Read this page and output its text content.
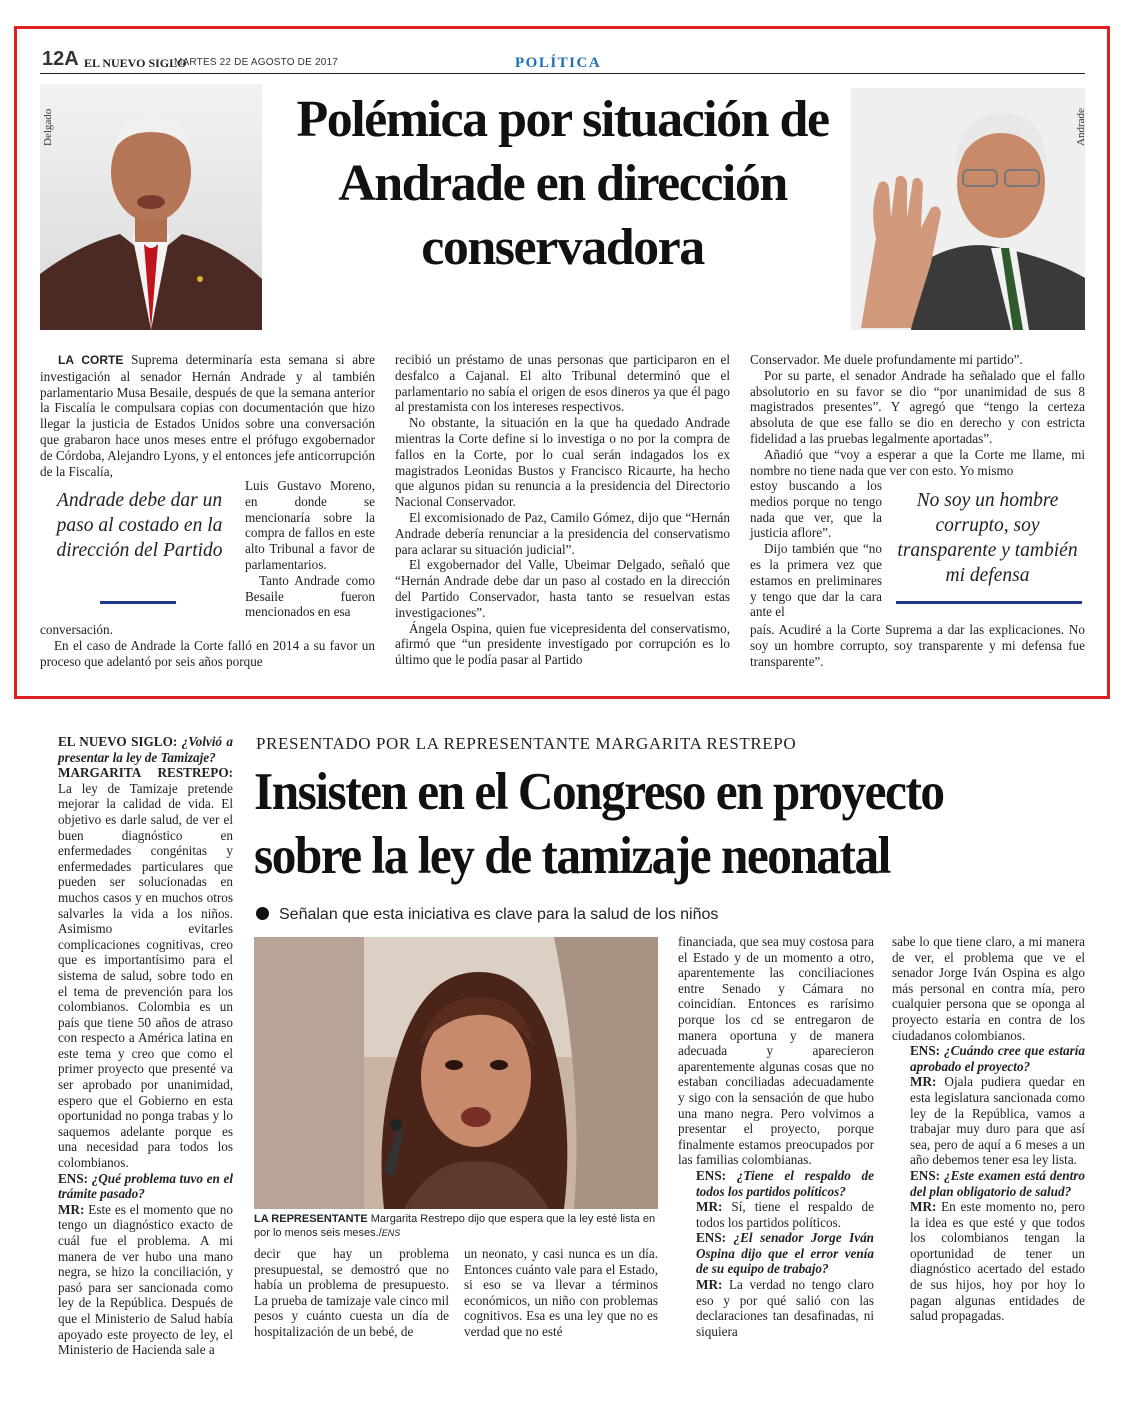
12A EL NUEVO SIGLO
MARTES 22 DE AGOSTO DE 2017	POLÍTICA
Delgado	Andrade
Polémica por situación de Andrade en dirección conservadora

LA CORTE Suprema determinaría esta semana si abre investigación al senador Hernán Andrade y al también parlamentario Musa Besaile, después de que la semana anterior la Fiscalía le compulsara copias con documentación que hizo llegar la justicia de Estados Unidos sobre una conversación que grabaron hace unos meses entre el prófugo exgobernador de Córdoba, Alejandro Lyons, y el entonces jefe anticorrupción de la Fiscalía,

Luis Gustavo Moreno, en donde se mencionaría sobre la compra de fallos en este alto Tribunal a favor de parlamentarios.

Tanto Andrade como Besaile fueron mencionados en esa

conversación.

En el caso de Andrade la Corte falló en 2014 a su favor un proceso que adelantó por seis años porque

Andrade debe dar un paso al costado en la dirección del Partido

recibió un préstamo de unas personas que participaron en el desfalco a Cajanal. El alto Tribunal determinó que el parlamentario no sabía el origen de esos dineros ya que él pago al prestamista con los intereses respectivos.

No obstante, la situación en la que ha quedado Andrade mientras la Corte define si lo investiga o no por la compra de fallos en la Corte, por lo cual serán indagados los ex magistrados Leonidas Bustos y Francisco Ricaurte, ha hecho que algunos pidan su renuncia a la presidencia del Directorio Nacional Conservador.

El excomisionado de Paz, Camilo Gómez, dijo que “Hernán Andrade debería renunciar a la presidencia del conservatismo para aclarar su situación judicial”.

El exgobernador del Valle, Ubeimar Delgado, señaló que “Hernán Andrade debe dar un paso al costado en la dirección del Partido Conservador, hasta tanto se resuelvan estas investigaciones”.

Ángela Ospina, quien fue vicepresidenta del conservatismo, afirmó que “un presidente investigado por corrupción es lo último que le podía pasar al Partido

Conservador. Me duele profundamente mi partido”.

Por su parte, el senador Andrade ha señalado que el fallo absolutorio en su favor se dio “por unanimidad de sus 8 magistrados presentes”. Y agregó que “tengo la certeza absoluta de que ese fallo se dio en derecho y con estricta fidelidad a las pruebas legalmente aportadas”.

Añadió que “voy a esperar a que la Corte me llame, mi nombre no tiene nada que ver con esto. Yo mismo

estoy buscando a los medios porque no tengo nada que ver, que la justicia aflore”.

Dijo también que “no es la primera vez que estamos en preliminares y tengo que dar la cara ante el

país. Acudiré a la Corte Suprema a dar las explicaciones. No soy un hombre corrupto, soy transparente y mi defensa fue transparente”.

No soy un hombre corrupto, soy transparente y también mi defensa
PRESENTADO POR LA REPRESENTANTE MARGARITA RESTREPO
Insisten en el Congreso en proyecto sobre la ley de tamizaje neonatal
Señalan que esta iniciativa es clave para la salud de los niños

EL NUEVO SIGLO: ¿Volvió a presentar la ley de Tamizaje?

MARGARITA RESTREPO: La ley de Tamizaje pretende mejorar la calidad de vida. El objetivo es darle salud, de ver el buen diagnóstico en enfermedades congénitas y enfermedades particulares que pueden ser solucionadas en muchos casos y en muchos otros salvarles la vida a los niños. Asimismo evitarles complicaciones cognitivas, creo que es importantísimo para el sistema de salud, sobre todo en el tema de prevención para los colombianos. Colombia es un país que tiene 50 años de atraso con respecto a América latina en este tema y creo que como el primer proyecto que presenté va ser aprobado por unanimidad, espero que el Gobierno en esta oportunidad no ponga trabas y lo saquemos adelante porque es una necesidad para todos los colombianos.

ENS: ¿Qué problema tuvo en el trámite pasado?

MR: Este es el momento que no tengo un diagnóstico exacto de cuál fue el problema. A mi manera de ver hubo una mano negra, se hizo la conciliación, y pasó para ser sancionada como ley de la República. Después de que el Ministerio de Salud había apoyado este proyecto de ley, el Ministerio de Hacienda sale a

LA REPRESENTANTE Margarita Restrepo dijo que espera que la ley esté lista en por lo menos seis meses./ENS

decir que hay un problema presupuestal, se demostró que no había un problema de presupuesto. La prueba de tamizaje vale cinco mil pesos y cuánto cuesta un día de hospitalización de un bebé, de

un neonato, y casi nunca es un día. Entonces cuánto vale para el Estado, si eso se va llevar a términos económicos, un niño con problemas cognitivos. Esa es una ley que no es verdad que no esté

financiada, que sea muy costosa para el Estado y de un momento a otro, aparentemente las conciliaciones entre Senado y Cámara no coincidían. Entonces es rarísimo porque los cd se entregaron de manera oportuna y de manera adecuada y aparecieron aparentemente algunas cosas que no estaban conciliadas adecuadamente y sigo con la sensación de que hubo una mano negra. Pero volvimos a presentar el proyecto, porque finalmente estamos preocupados por las familias colombianas.

ENS: ¿Tiene el respaldo de todos los partidos políticos?

MR: Sí, tiene el respaldo de todos los partidos políticos.

ENS: ¿El senador Jorge Iván Ospina dijo que el error venía de su equipo de trabajo?

MR: La verdad no tengo claro eso y por qué salió con las declaraciones tan desafinadas, ni siquiera

sabe lo que tiene claro, a mi manera de ver, el problema que ve el senador Jorge Iván Ospina es algo más personal en contra mía, pero cualquier persona que se oponga al proyecto estaría en contra de los ciudadanos colombianos.

ENS: ¿Cuándo cree que estaría aprobado el proyecto?

MR: Ojala pudiera quedar en esta legislatura sancionada como ley de la República, vamos a trabajar muy duro para que así sea, pero de aquí a 6 meses a un año debemos tener esa ley lista.

ENS: ¿Este examen está dentro del plan obligatorio de salud?

MR: En este momento no, pero la idea es que esté y que todos los colombianos tengan la oportunidad de tener un diagnóstico acertado del estado de sus hijos, hoy por hoy lo pagan algunas entidades de salud propagadas.
